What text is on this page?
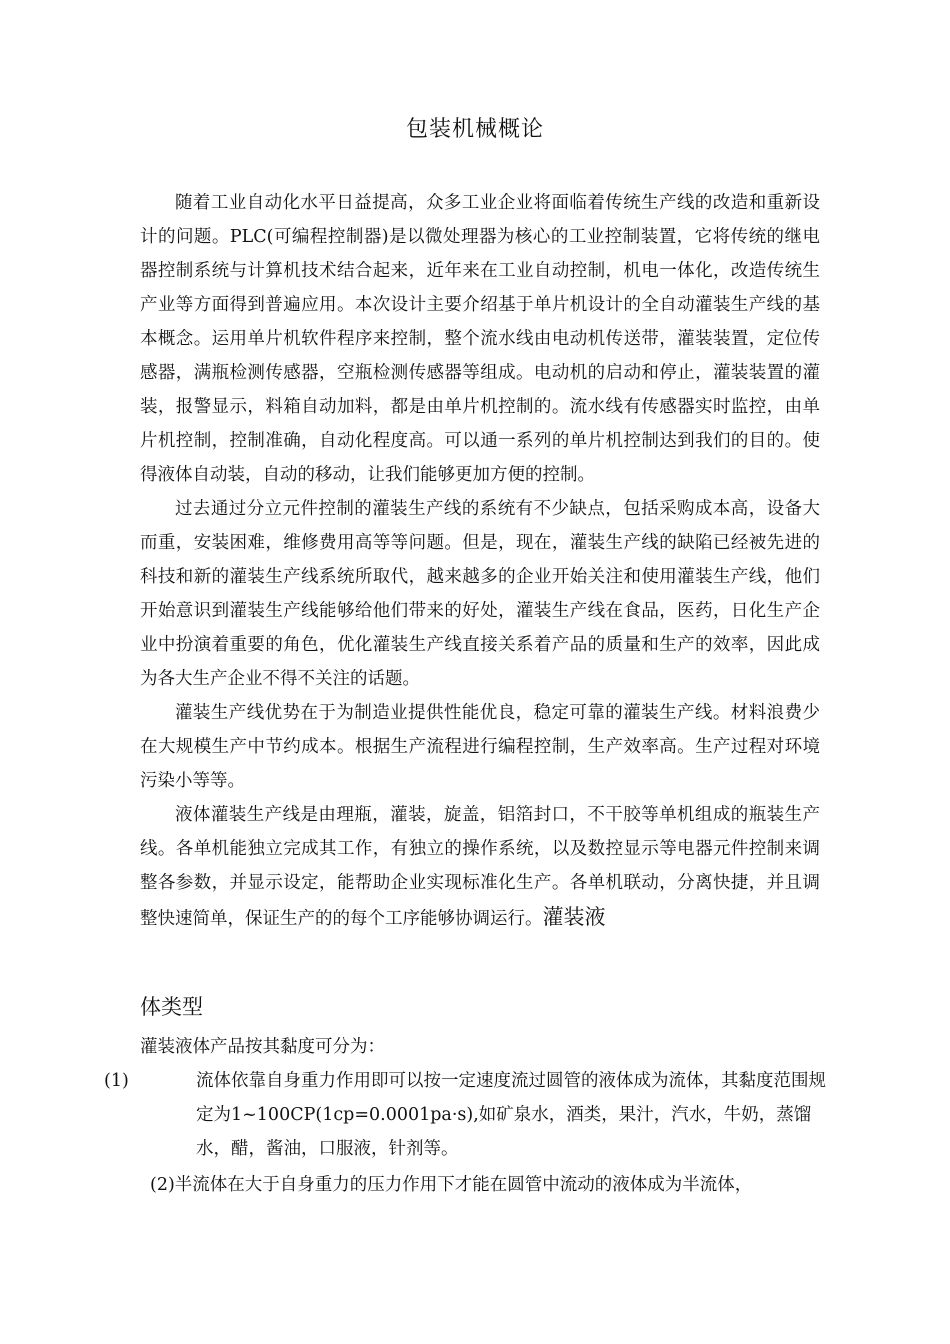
包装机械概论

随着工业自动化水平日益提高，众多工业企业将面临着传统生产线的改造和重新设计的问题。PLC(可编程控制器)是以微处理器为核心的工业控制装置，它将传统的继电器控制系统与计算机技术结合起来，近年来在工业自动控制，机电一体化，改造传统生产业等方面得到普遍应用。本次设计主要介绍基于单片机设计的全自动灌装生产线的基本概念。运用单片机软件程序来控制，整个流水线由电动机传送带，灌装装置，定位传感器，满瓶检测传感器，空瓶检测传感器等组成。电动机的启动和停止，灌装装置的灌装，报警显示，料箱自动加料，都是由单片机控制的。流水线有传感器实时监控，由单片机控制，控制准确，自动化程度高。可以通一系列的单片机控制达到我们的目的。使得液体自动装，自动的移动，让我们能够更加方便的控制。

过去通过分立元件控制的灌装生产线的系统有不少缺点，包括采购成本高，设备大而重，安装困难，维修费用高等等问题。但是，现在，灌装生产线的缺陷已经被先进的科技和新的灌装生产线系统所取代，越来越多的企业开始关注和使用灌装生产线，他们开始意识到灌装生产线能够给他们带来的好处，灌装生产线在食品，医药，日化生产企业中扮演着重要的角色，优化灌装生产线直接关系着产品的质量和生产的效率，因此成为各大生产企业不得不关注的话题。

灌装生产线优势在于为制造业提供性能优良，稳定可靠的灌装生产线。材料浪费少在大规模生产中节约成本。根据生产流程进行编程控制，生产效率高。生产过程对环境污染小等等。

液体灌装生产线是由理瓶，灌装，旋盖，铝箔封口，不干胶等单机组成的瓶装生产线。各单机能独立完成其工作，有独立的操作系统，以及数控显示等电器元件控制来调整各参数，并显示设定，能帮助企业实现标准化生产。各单机联动，分离快捷，并且调整快速简单，保证生产的的每个工序能够协调运行。灌装液

体类型
灌装液体产品按其黏度可分为：
(1)	流体依靠自身重力作用即可以按一定速度流过圆管的液体成为流体，其黏度范围规定为1~100CP(1cp=0.0001pa·s),如矿泉水，酒类，果汁，汽水，牛奶，蒸馏水，醋，酱油，口服液，针剂等。
(2)半流体在大于自身重力的压力作用下才能在圆管中流动的液体成为半流体，
